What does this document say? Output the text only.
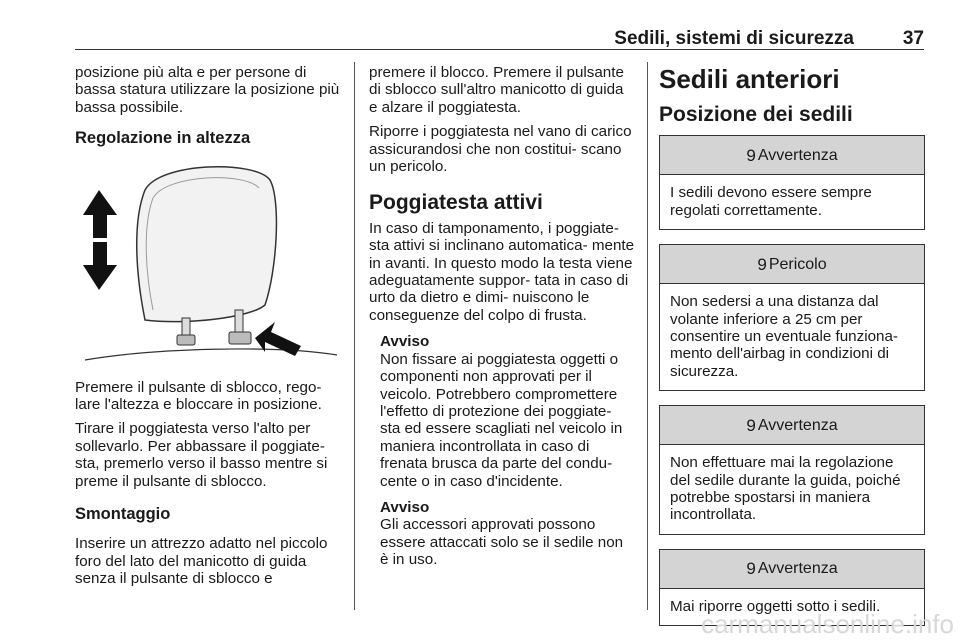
Sedili, sistemi di sicurezza	37

posizione più alta e per persone di bassa statura utilizzare la posizione più bassa possibile.

Regolazione in altezza

Premere il pulsante di sblocco, rego- lare l'altezza e bloccare in posizione.

Tirare il poggiatesta verso l'alto per sollevarlo. Per abbassare il poggiate- sta, premerlo verso il basso mentre si preme il pulsante di sblocco.

Smontaggio

Inserire un attrezzo adatto nel piccolo foro del lato del manicotto di guida senza il pulsante di sblocco e

premere il blocco. Premere il pulsante di sblocco sull'altro manicotto di guida e alzare il poggiatesta.

Riporre i poggiatesta nel vano di carico assicurandosi che non costitui- scano un pericolo.

Poggiatesta attivi

In caso di tamponamento, i poggiate- sta attivi si inclinano automatica- mente in avanti. In questo modo la testa viene adeguatamente suppor- tata in caso di urto da dietro e dimi- nuiscono le conseguenze del colpo di frusta.

Avviso

Non fissare ai poggiatesta oggetti o componenti non approvati per il veicolo. Potrebbero compromettere l'effetto di protezione dei poggiate- sta ed essere scagliati nel veicolo in maniera incontrollata in caso di frenata brusca da parte del condu- cente o in caso d'incidente.

Avviso

Gli accessori approvati possono essere attaccati solo se il sedile non è in uso.

Sedili anteriori

Posizione dei sedili

9 Avvertenza
I sedili devono essere sempre regolati correttamente.
9 Pericolo
Non sedersi a una distanza dal volante inferiore a 25 cm per consentire un eventuale funziona- mento dell'airbag in condizioni di sicurezza.
9 Avvertenza
Non effettuare mai la regolazione del sedile durante la guida, poiché potrebbe spostarsi in maniera incontrollata.
9 Avvertenza
Mai riporre oggetti sotto i sedili.
carmanualsonline.info
